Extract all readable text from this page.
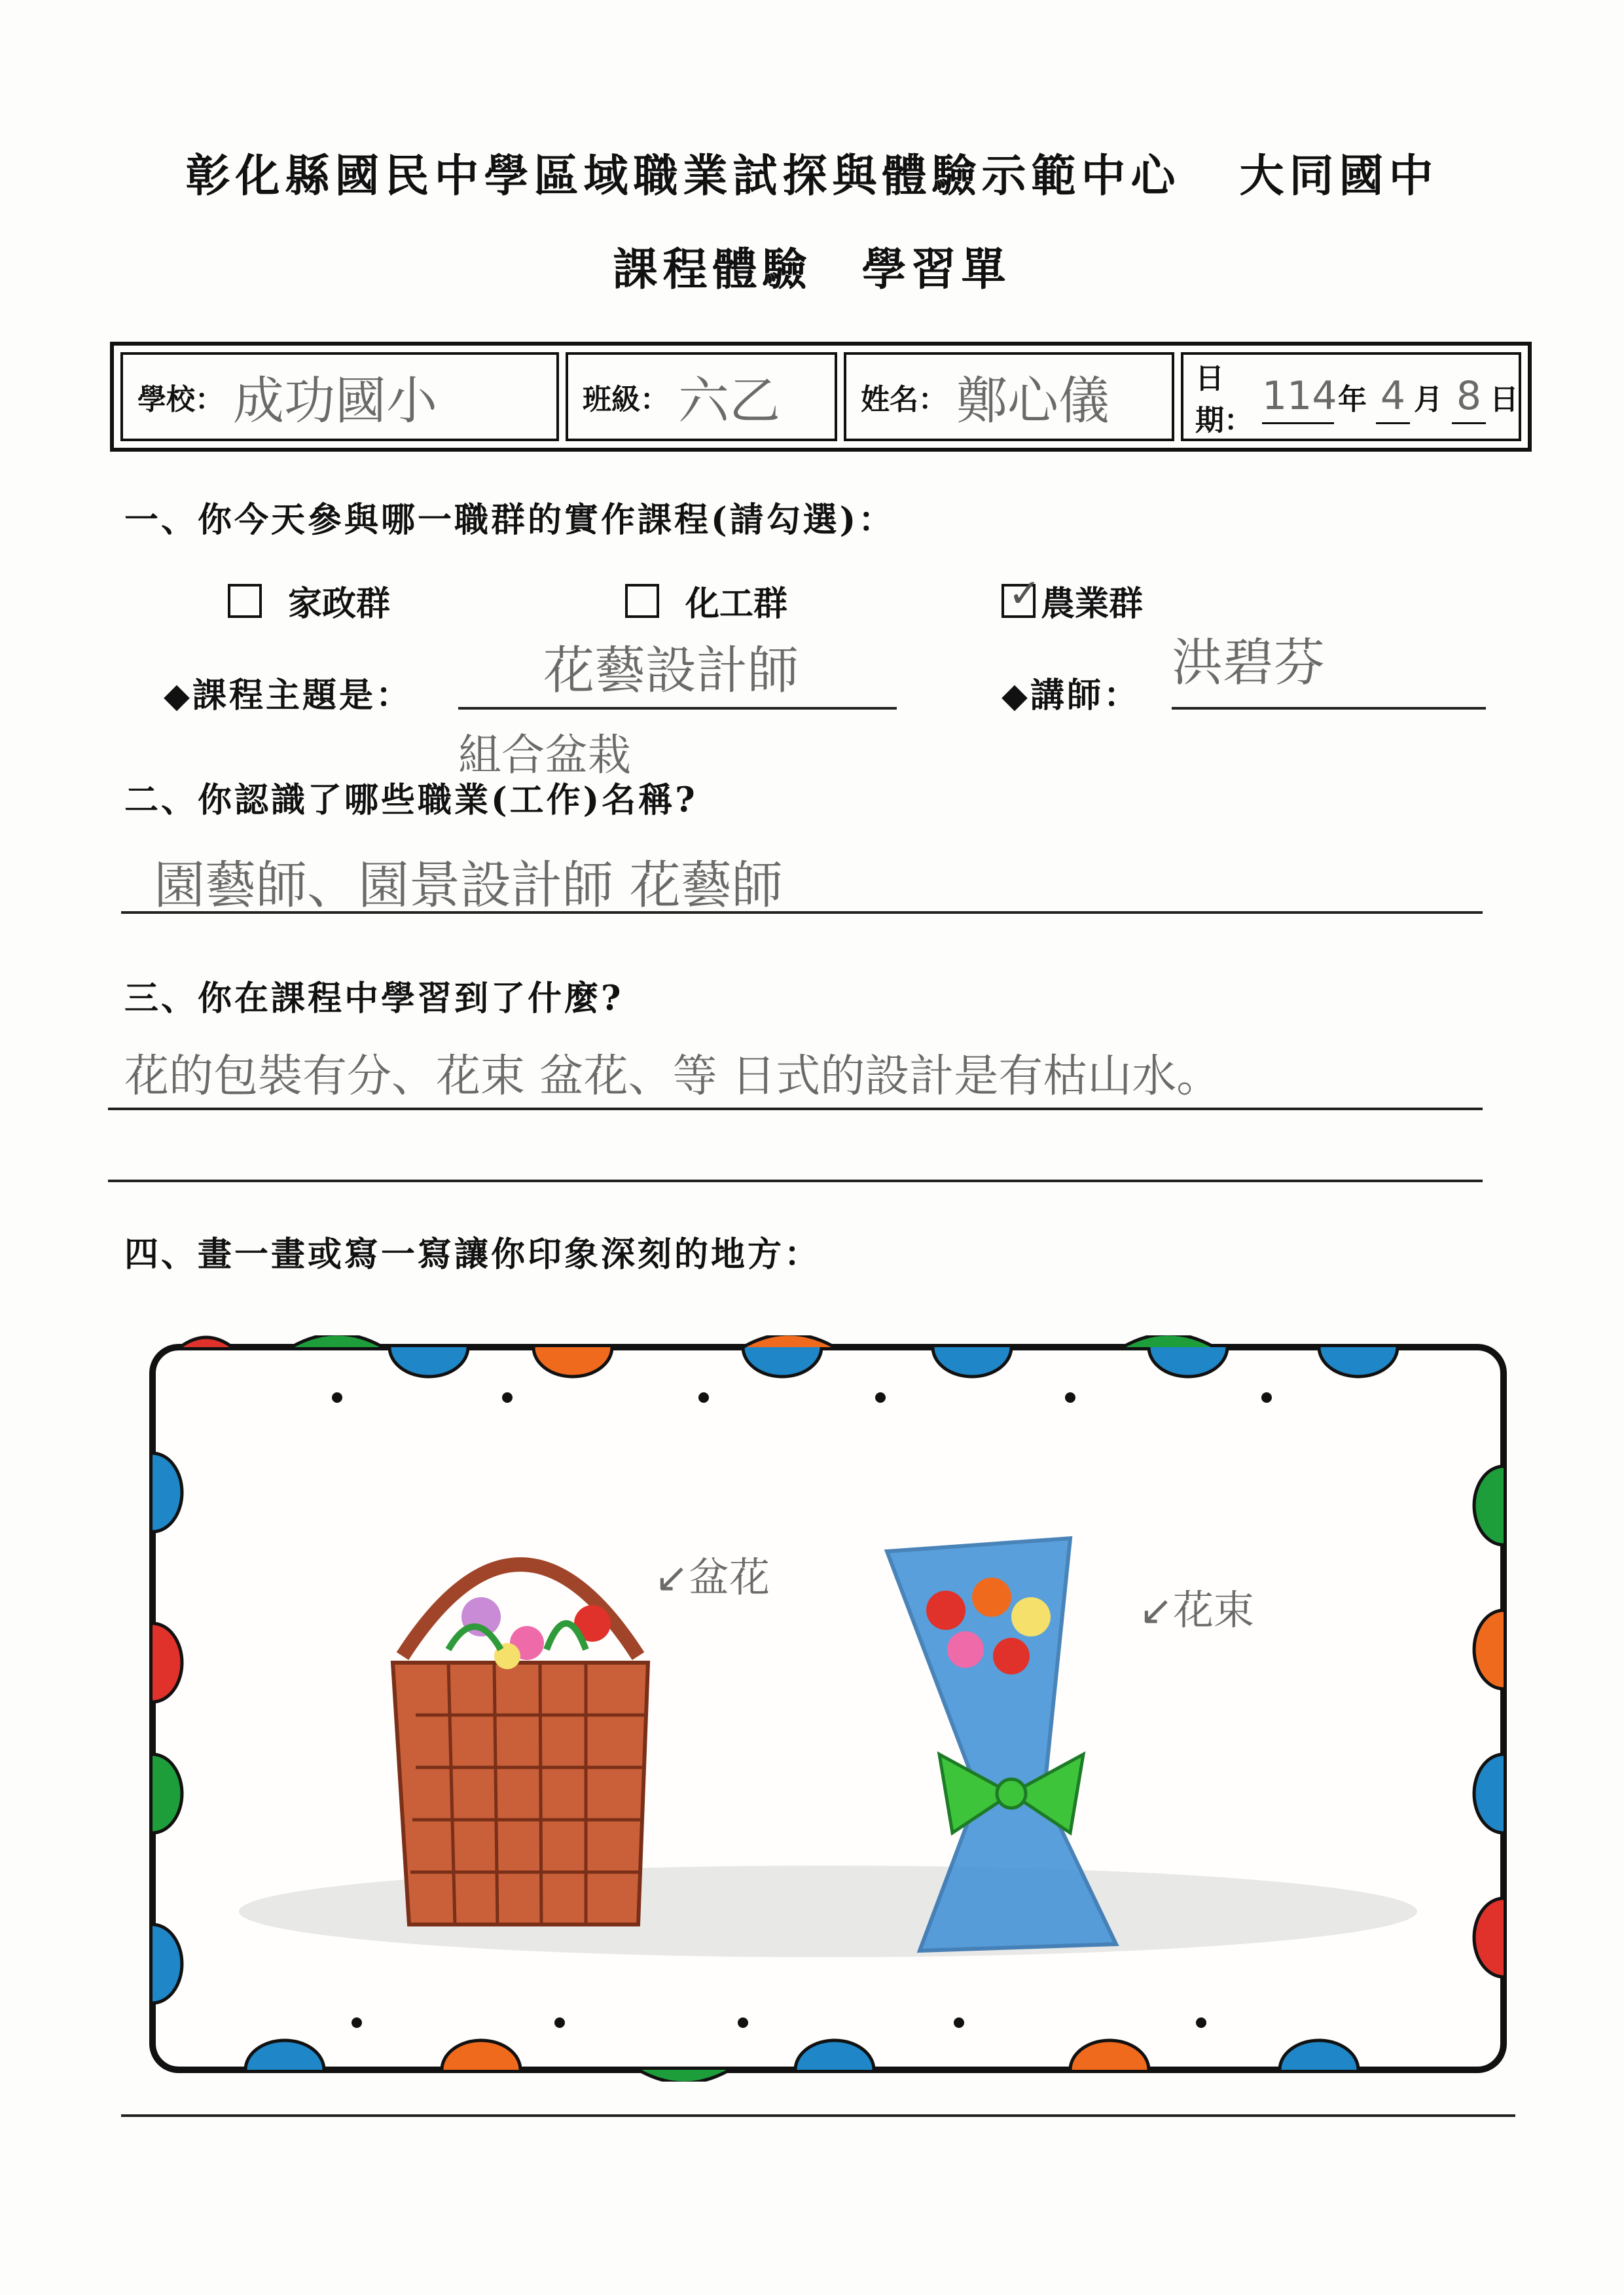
彰化縣國民中學區域職業試探與體驗示範中心 大同國中
課程體驗　學習單
學校： 成功國小	班級： 六乙	姓名： 鄭心儀	日期：
114 年 4 月 8 日
一、你今天參與哪一職群的實作課程(請勾選)：
家政群	化工群	✓ 農業群
◆課程主題是：	花藝設計師
組合盆栽
◆講師：
洪碧芬
二、你認識了哪些職業(工作)名稱?
園藝師、園景設計師 花藝師
三、你在課程中學習到了什麼?
花的包裝有分、花束 盆花、等 日式的設計是有枯山水。
四、畫一畫或寫一寫讓你印象深刻的地方：
↙盆花
↙花束
